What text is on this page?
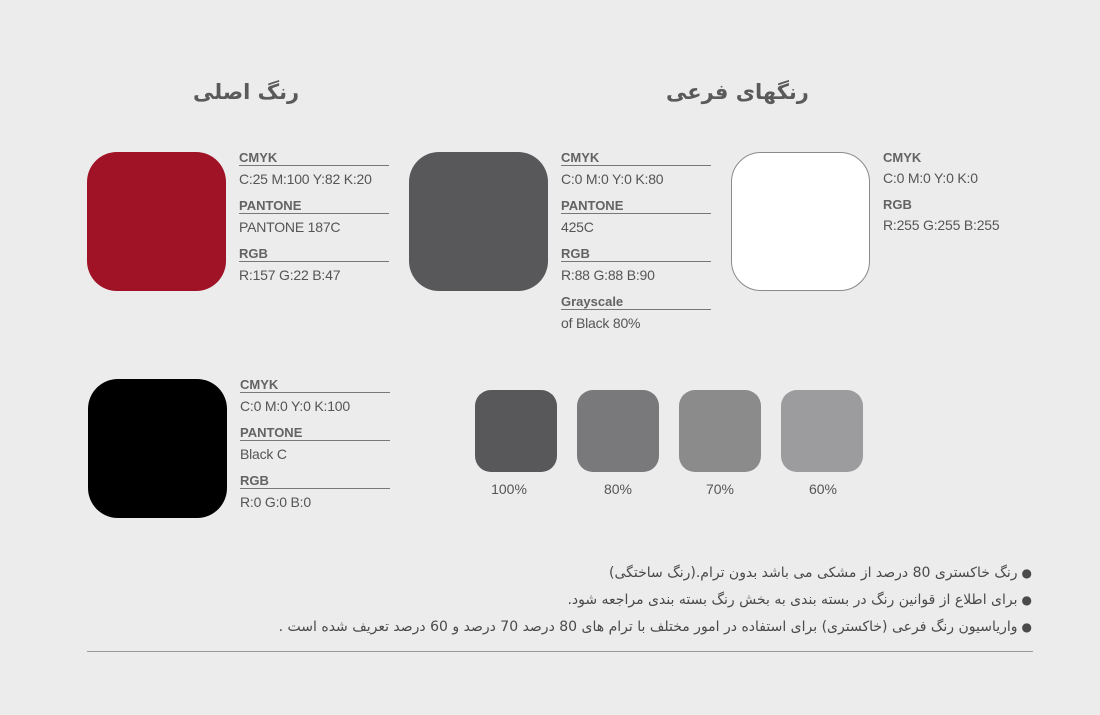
رنگ اصلی	رنگهای فرعی
CMYK
C:25 M:100 Y:82 K:20
PANTONE
PANTONE 187C
RGB
R:157 G:22 B:47
CMYK
C:0 M:0 Y:0 K:80
PANTONE
425C
RGB
R:88 G:88 B:90
Grayscale
of Black 80%
CMYK
C:0 M:0 Y:0 K:0
RGB
R:255 G:255 B:255
CMYK
C:0 M:0 Y:0 K:100
PANTONE
Black C
RGB
R:0 G:0 B:0
100%	80%	70%	60%
●رنگ خاکستری 80 درصد از مشکی می باشد بدون ترام.(رنگ ساختگی)
●برای اطلاع از قوانین رنگ در بسته بندی به بخش رنگ بسته بندی مراجعه شود.
●واریاسیون رنگ فرعی (خاکستری) برای استفاده در امور مختلف با ترام های 80 درصد 70 درصد و 60 درصد تعریف شده است .
